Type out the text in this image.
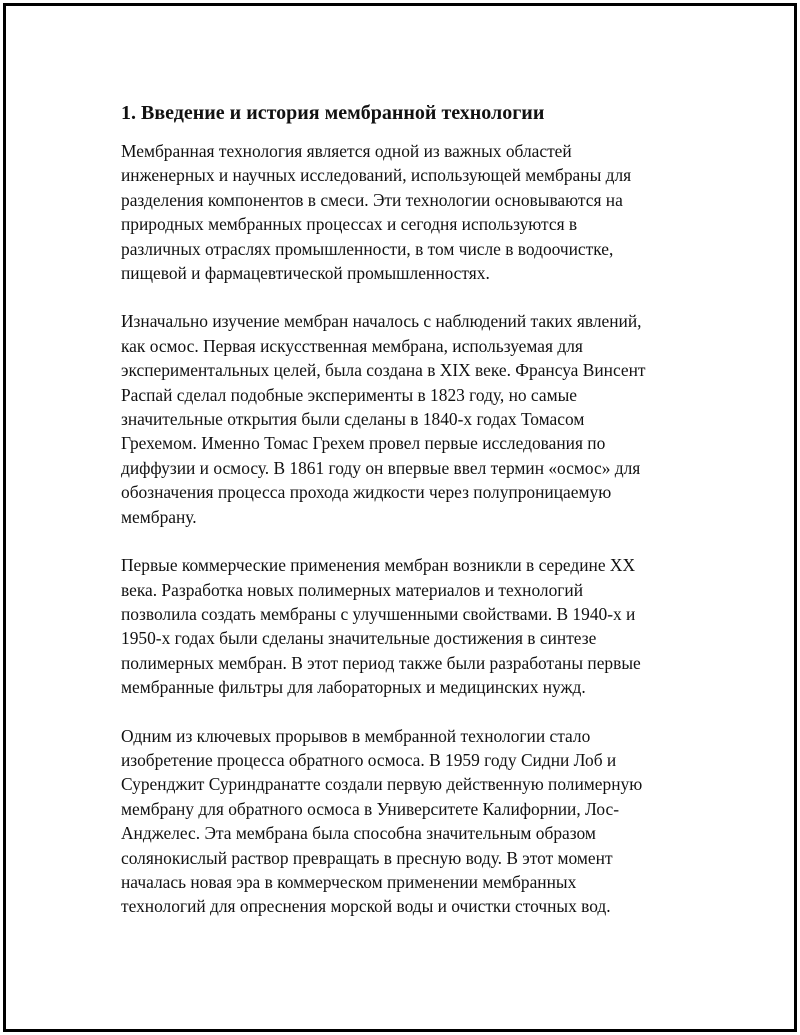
1. Введение и история мембранной технологии

Мембранная технология является одной из важных областей
инженерных и научных исследований, использующей мембраны для
разделения компонентов в смеси. Эти технологии основываются на
природных мембранных процессах и сегодня используются в
различных отраслях промышленности, в том числе в водоочистке,
пищевой и фармацевтической промышленностях.

Изначально изучение мембран началось с наблюдений таких явлений,
как осмос. Первая искусственная мембрана, используемая для
экспериментальных целей, была создана в XIX веке. Франсуа Винсент
Распай сделал подобные эксперименты в 1823 году, но самые
значительные открытия были сделаны в 1840-х годах Томасом
Грехемом. Именно Томас Грехем провел первые исследования по
диффузии и осмосу. В 1861 году он впервые ввел термин «осмос» для
обозначения процесса прохода жидкости через полупроницаемую
мембрану.

Первые коммерческие применения мембран возникли в середине XX
века. Разработка новых полимерных материалов и технологий
позволила создать мембраны с улучшенными свойствами. В 1940-х и
1950-х годах были сделаны значительные достижения в синтезе
полимерных мембран. В этот период также были разработаны первые
мембранные фильтры для лабораторных и медицинских нужд.

Одним из ключевых прорывов в мембранной технологии стало
изобретение процесса обратного осмоса. В 1959 году Сидни Лоб и
Суренджит Суриндранатте создали первую действенную полимерную
мембрану для обратного осмоса в Университете Калифорнии, Лос-
Анджелес. Эта мембрана была способна значительным образом
солянокислый раствор превращать в пресную воду. В этот момент
началась новая эра в коммерческом применении мембранных
технологий для опреснения морской воды и очистки сточных вод.
